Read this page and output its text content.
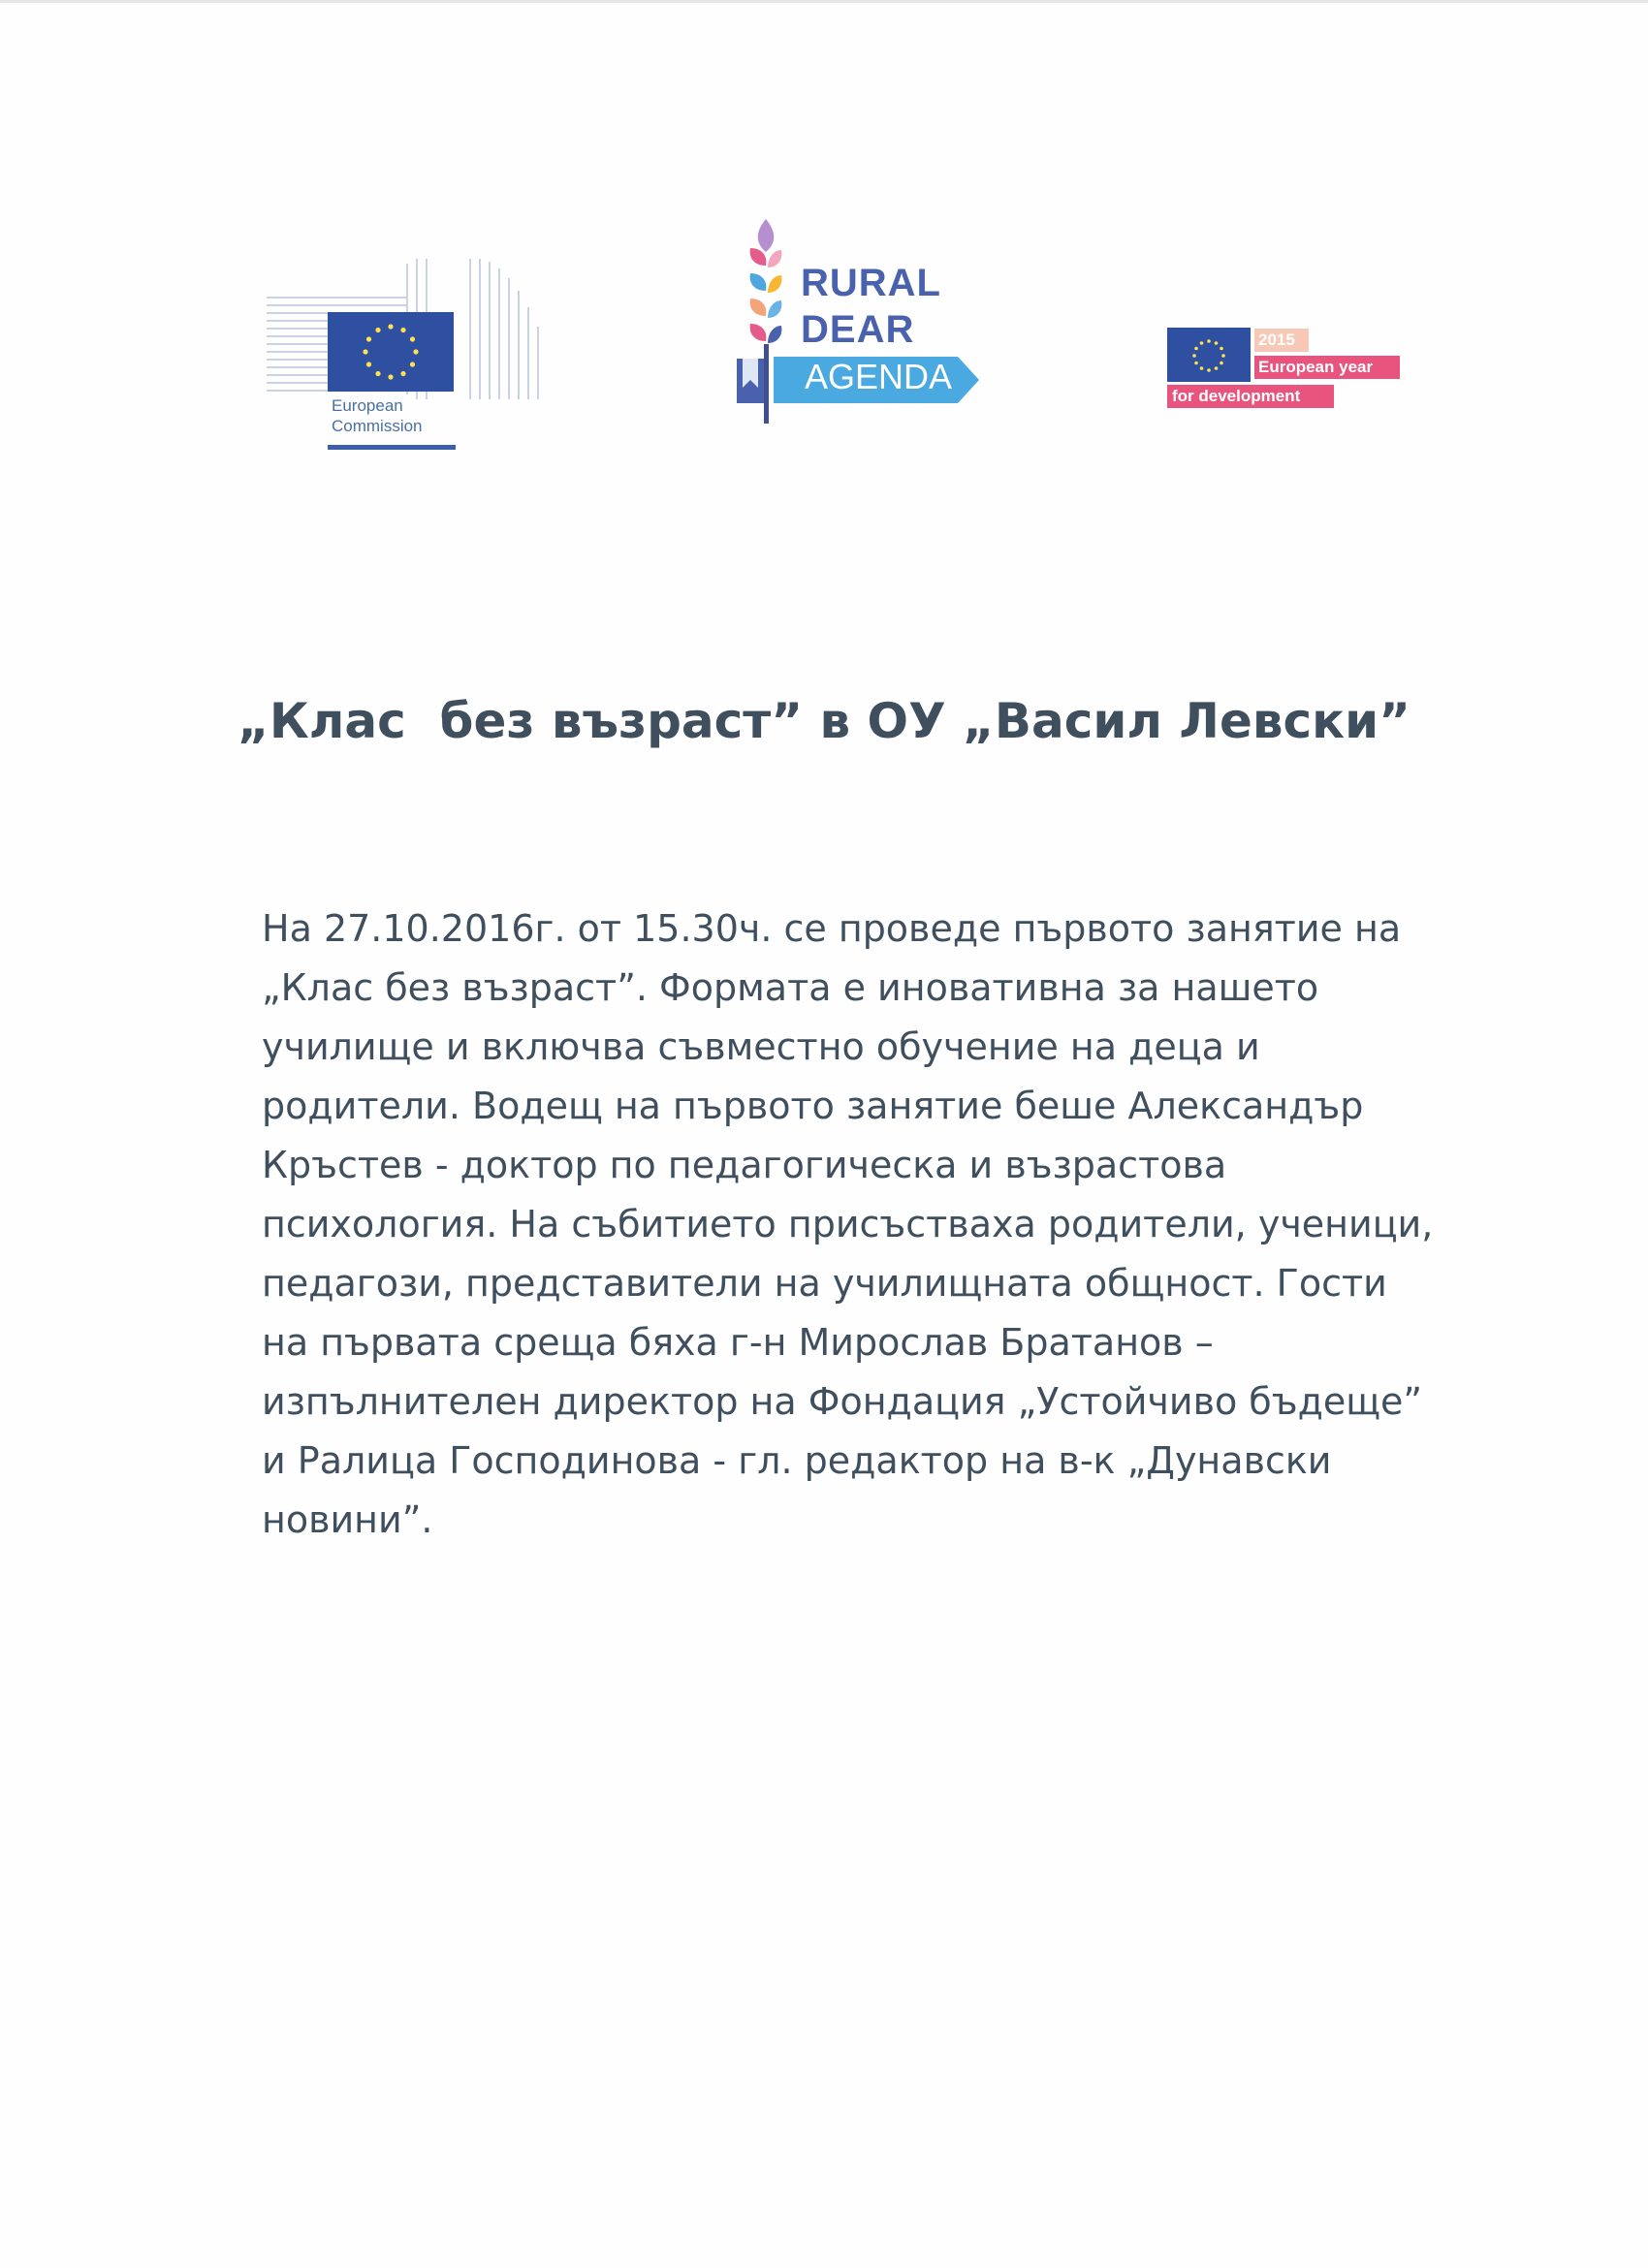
European
Commission
RURAL
DEAR
AGENDA
2015
European year
for development
„Клас  без възраст” в ОУ „Васил Левски”
На 27.10.2016г. от 15.30ч. се проведе първото занятие на
„Клас без възраст”. Формата е иновативна за нашето
училище и включва съвместно обучение на деца и
родители. Водещ на първото занятие беше Александър
Кръстев - доктор по педагогическа и възрастова
психология. На събитието присъстваха родители, ученици,
педагози, представители на училищната общност. Гости
на първата среща бяха г-н Мирослав Братанов –
изпълнителен директор на Фондация „Устойчиво бъдеще”
и Ралица Господинова - гл. редактор на в-к „Дунавски
новини”.
